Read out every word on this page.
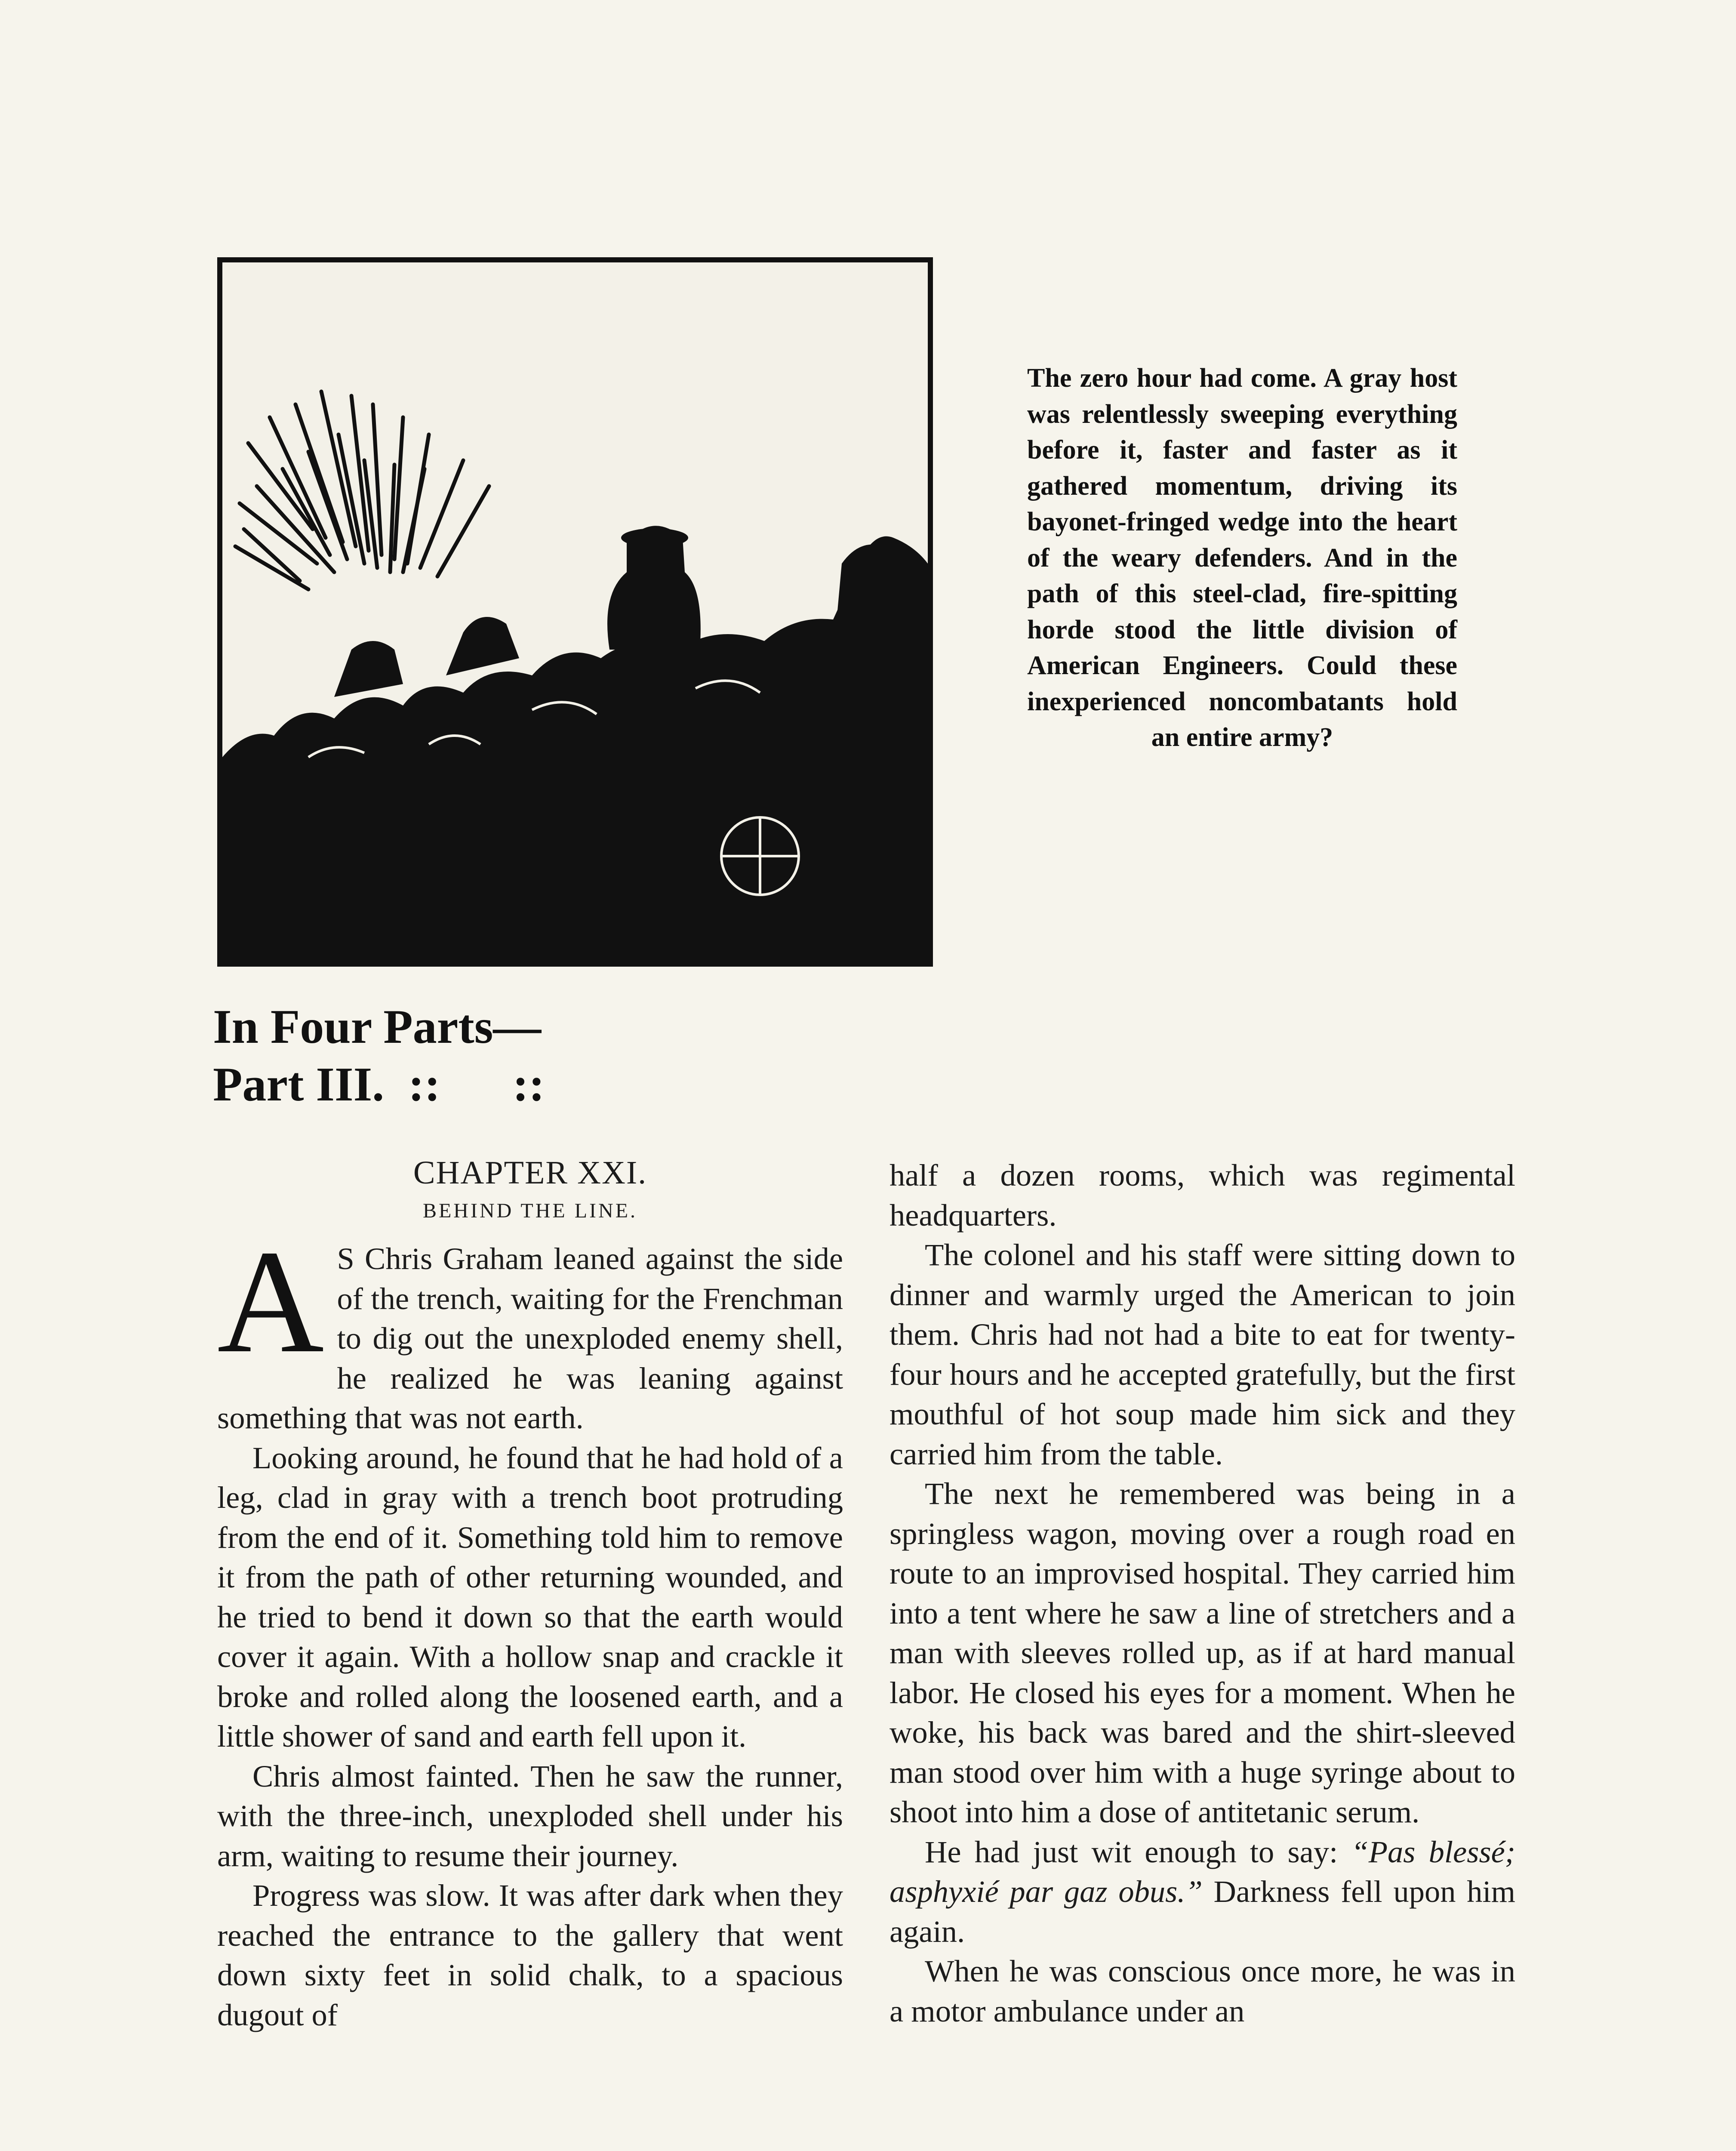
The zero hour had come. A gray host was relentlessly sweeping everything before it, faster and faster as it gathered momentum, driving its bayonet-fringed wedge into the heart of the weary defenders. And in the path of this steel-clad, fire-spitting horde stood the little division of American Engineers. Could these inexperienced noncombatants hold an entire army?
In Four Parts—
Part III.  ::      ::
CHAPTER XXI.
BEHIND THE LINE.

A S Chris Graham leaned against the side of the trench, waiting for the Frenchman to dig out the unexploded enemy shell, he realized he was leaning against something that was not earth.

Looking around, he found that he had hold of a leg, clad in gray with a trench boot protruding from the end of it. Something told him to remove it from the path of other returning wounded, and he tried to bend it down so that the earth would cover it again. With a hollow snap and crackle it broke and rolled along the loosened earth, and a little shower of sand and earth fell upon it.

Chris almost fainted. Then he saw the runner, with the three-inch, unexploded shell under his arm, waiting to resume their journey.

Progress was slow. It was after dark when they reached the entrance to the gallery that went down sixty feet in solid chalk, to a spacious dugout of

half a dozen rooms, which was regimental headquarters.

The colonel and his staff were sitting down to dinner and warmly urged the American to join them. Chris had not had a bite to eat for twenty-four hours and he accepted gratefully, but the first mouthful of hot soup made him sick and they carried him from the table.

The next he remembered was being in a springless wagon, moving over a rough road en route to an improvised hospital. They carried him into a tent where he saw a line of stretchers and a man with sleeves rolled up, as if at hard manual labor. He closed his eyes for a moment. When he woke, his back was bared and the shirt-sleeved man stood over him with a huge syringe about to shoot into him a dose of antitetanic serum.

He had just wit enough to say: “Pas blessé; asphyxié par gaz obus.” Darkness fell upon him again.

When he was conscious once more, he was in a motor ambulance under an
